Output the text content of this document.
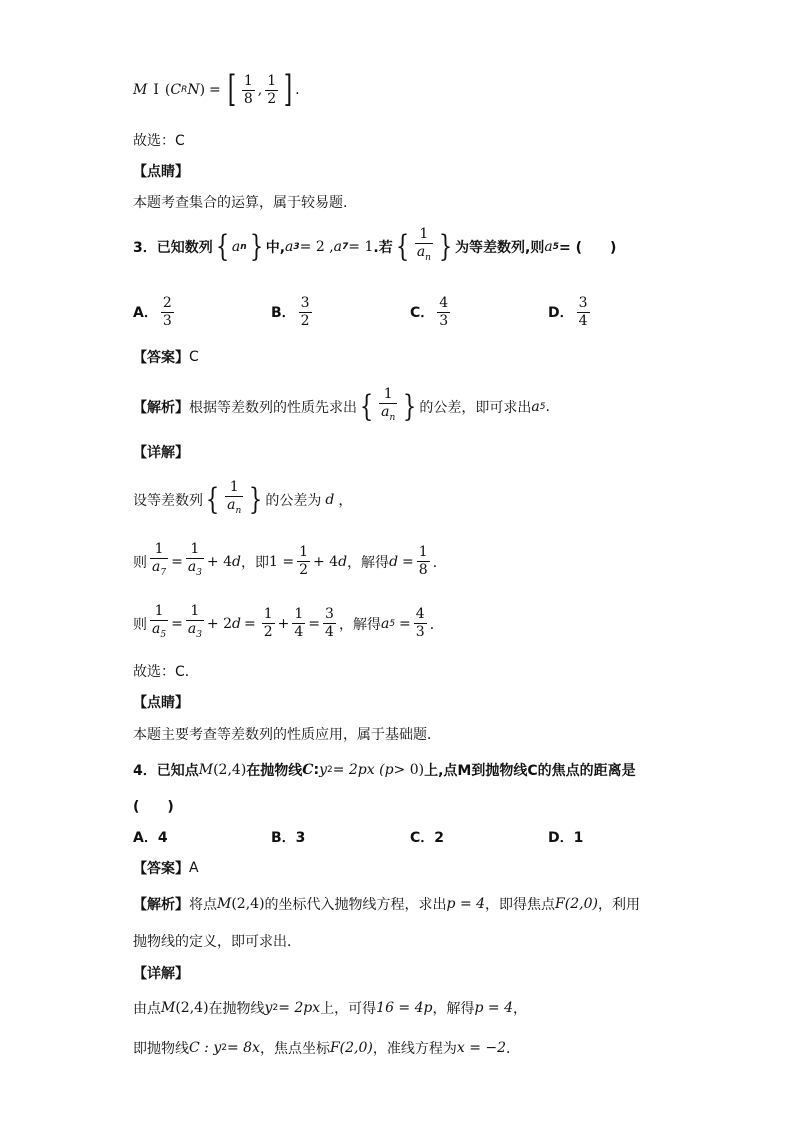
M I ( C R N ) = [ $\frac{1}{8}$ , $\frac{1}{2}$ ] .
故选：C
【点睛】
本题考查集合的运算，属于较易题.
3．已知数列 { a n } 中, a 3 = 2 , a 7 = 1 .若 { $\frac{1}{a_n}$ } 为等差数列,则 a 5 = (　　)
A． $\frac{2}{3}$	B． $\frac{3}{2}$	C． $\frac{4}{3}$	D． $\frac{3}{4}$
【答案】 C
【解析】 根据等差数列的性质先求出 { $\frac{1}{a_n}$ } 的公差，即可求出 a 5 .
【详解】
设等差数列 { $\frac{1}{a_n}$ } 的公差为 d ，
则 $\frac{1}{a_7} = \frac{1}{a_3} + 4$ d ，即 $1 = \frac{1}{2} + 4$ d ，解得 $d = \frac{1}{8}$ ．
则 $\frac{1}{a_5} = \frac{1}{a_3} + 2$ $d = \frac{1}{2} + \frac{1}{4} = \frac{3}{4}$ ，解得 a $5 = \frac{4}{3}$ ．
故选：C．
【点睛】
本题主要考查等差数列的性质应用，属于基础题．
4．已知点 M (2,4) 在抛物线 C : y 2 = 2px ( p > 0) 上,点M到抛物线C的焦点的距离是
(　　)
A．4	B．3	C．2	D．1
【答案】 A
【解析】 将点 M (2,4) 的坐标代入抛物线方程，求出 p = 4 ，即得焦点 F(2,0) ，利用
抛物线的定义，即可求出．
【详解】
由点 M (2,4) 在抛物线 y 2 = 2px 上，可得 16 = 4p ，解得 p = 4 ，
即抛物线 C : y 2 = 8x ，焦点坐标 F(2,0) ，准线方程为 x = −2 ．
